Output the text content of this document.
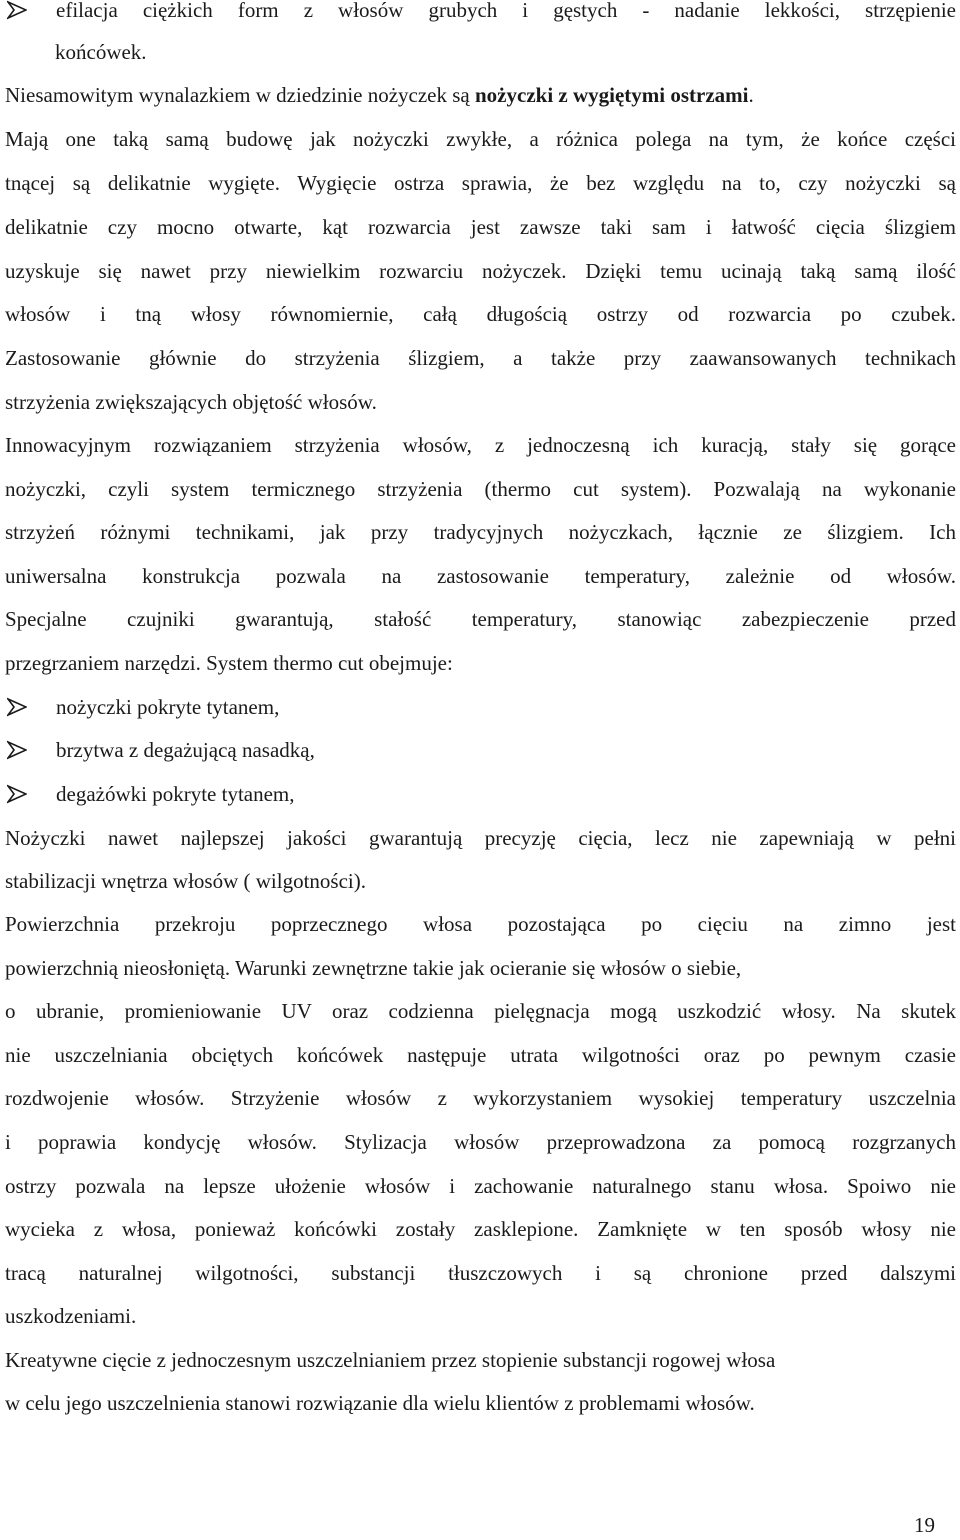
efilacja ciężkich form z włosów grubych i gęstych - nadanie lekkości, strzępienie
końcówek.
Niesamowitym wynalazkiem w dziedzinie nożyczek są nożyczki z wygiętymi ostrzami.
Mają one taką samą budowę jak nożyczki zwykłe, a różnica polega na tym, że końce części
tnącej są delikatnie wygięte. Wygięcie ostrza sprawia, że bez względu na to, czy nożyczki są
delikatnie czy mocno otwarte, kąt rozwarcia jest zawsze taki sam i łatwość cięcia ślizgiem
uzyskuje się nawet przy niewielkim rozwarciu nożyczek. Dzięki temu ucinają taką samą ilość
włosów i tną włosy równomiernie, całą długością ostrzy od rozwarcia po czubek.
Zastosowanie głównie do strzyżenia ślizgiem, a także przy zaawansowanych technikach
strzyżenia zwiększających objętość włosów.
Innowacyjnym rozwiązaniem strzyżenia włosów, z jednoczesną ich kuracją, stały się gorące
nożyczki, czyli system termicznego strzyżenia (thermo cut system). Pozwalają na wykonanie
strzyżeń różnymi technikami, jak przy tradycyjnych nożyczkach, łącznie ze ślizgiem. Ich
uniwersalna konstrukcja pozwala na zastosowanie temperatury, zależnie od włosów.
Specjalne czujniki gwarantują, stałość temperatury, stanowiąc zabezpieczenie przed
przegrzaniem narzędzi. System thermo cut obejmuje:
nożyczki pokryte tytanem,
brzytwa z degażującą nasadką,
degażówki pokryte tytanem,
Nożyczki nawet najlepszej jakości gwarantują precyzję cięcia, lecz nie zapewniają w pełni
stabilizacji wnętrza włosów ( wilgotności).
Powierzchnia przekroju poprzecznego włosa pozostająca po cięciu na zimno jest
powierzchnią nieosłoniętą. Warunki zewnętrzne takie jak ocieranie się włosów o siebie,
o ubranie, promieniowanie UV oraz codzienna pielęgnacja mogą uszkodzić włosy. Na skutek
nie uszczelniania obciętych końcówek następuje utrata wilgotności oraz po pewnym czasie
rozdwojenie włosów. Strzyżenie włosów z wykorzystaniem wysokiej temperatury uszczelnia
i poprawia kondycję włosów. Stylizacja włosów przeprowadzona za pomocą rozgrzanych
ostrzy pozwala na lepsze ułożenie włosów i zachowanie naturalnego stanu włosa. Spoiwo nie
wycieka z włosa, ponieważ końcówki zostały zasklepione. Zamknięte w ten sposób włosy nie
tracą naturalnej wilgotności, substancji tłuszczowych i są chronione przed dalszymi
uszkodzeniami.
Kreatywne cięcie z jednoczesnym uszczelnianiem przez stopienie substancji rogowej włosa
w celu jego uszczelnienia stanowi rozwiązanie dla wielu klientów z problemami włosów.
19
